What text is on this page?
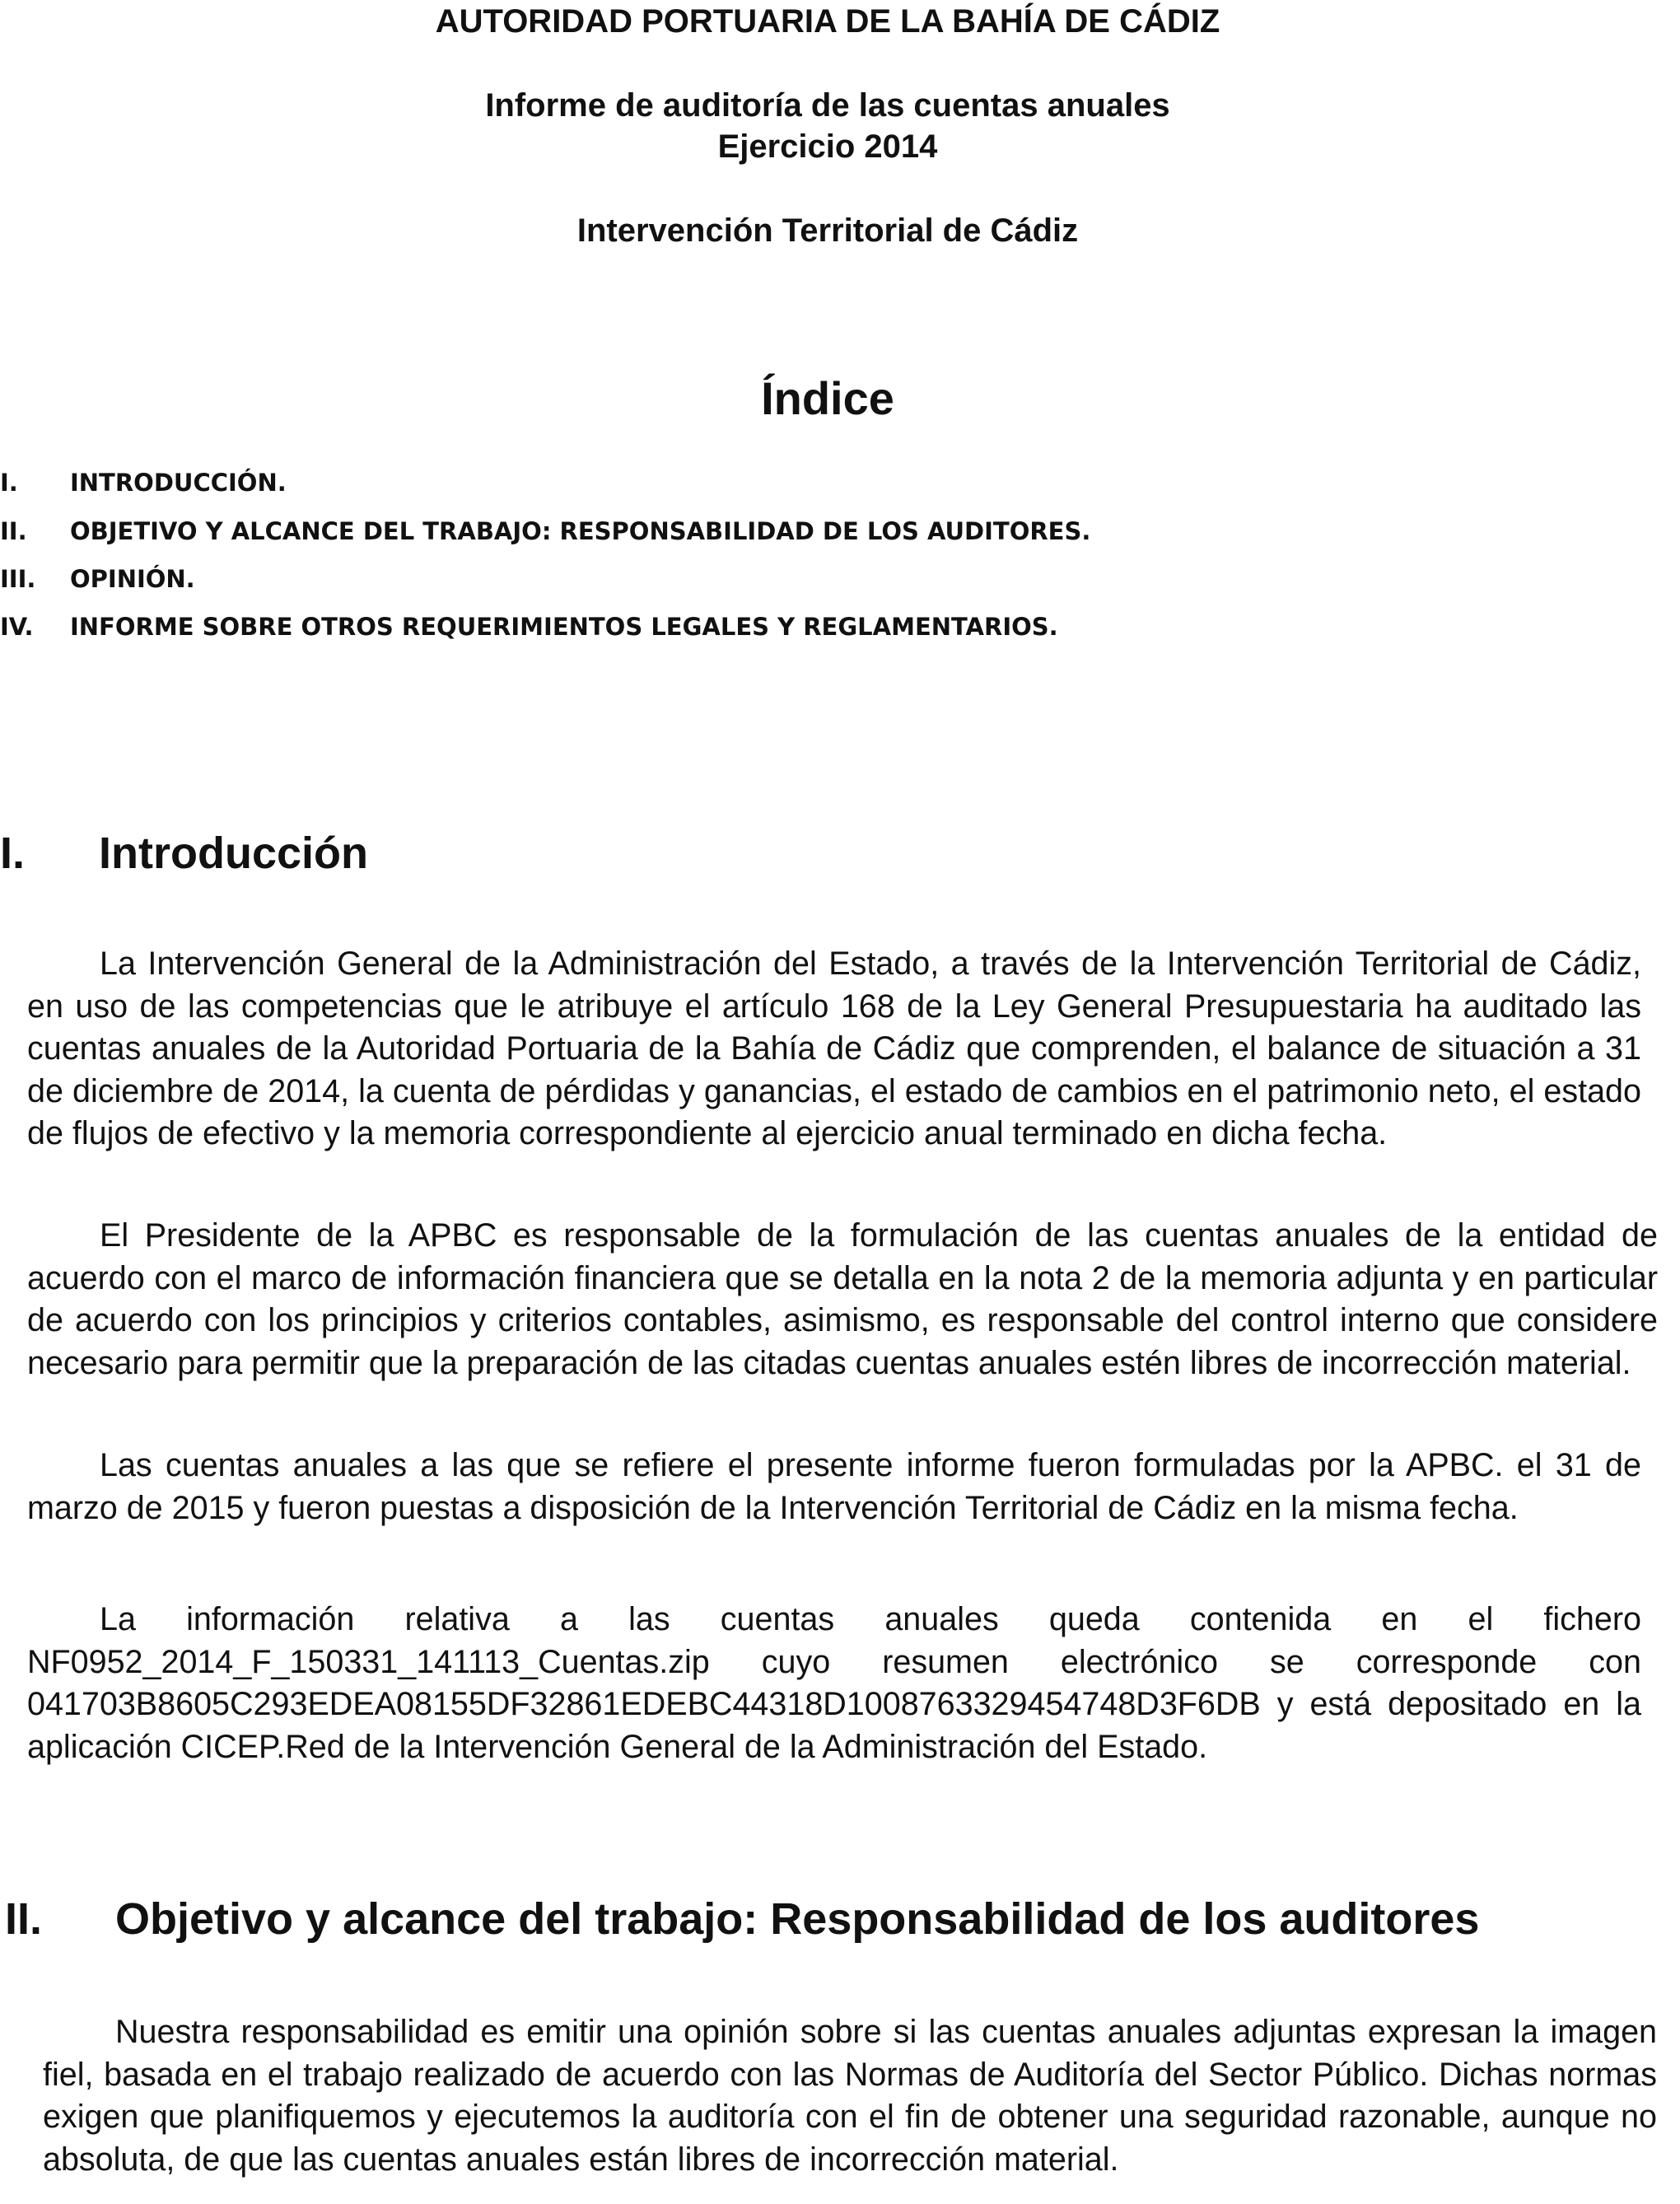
AUTORIDAD PORTUARIA DE LA BAHÍA DE CÁDIZ
Informe de auditoría de las cuentas anuales
Ejercicio 2014
Intervención Territorial de Cádiz
Índice
I. INTRODUCCIÓN.
II. OBJETIVO Y ALCANCE DEL TRABAJO: RESPONSABILIDAD DE LOS AUDITORES.
III. OPINIÓN.
IV. INFORME SOBRE OTROS REQUERIMIENTOS LEGALES Y REGLAMENTARIOS.
I. Introducción

La Intervención General de la Administración del Estado, a través de la Intervención Territorial de Cádiz, en uso de las competencias que le atribuye el artículo 168 de la Ley General Presupuestaria ha auditado las cuentas anuales de la Autoridad Portuaria de la Bahía de Cádiz que comprenden, el balance de situación a 31 de diciembre de 2014, la cuenta de pérdidas y ganancias, el estado de cambios en el patrimonio neto, el estado de flujos de efectivo y la memoria correspondiente al ejercicio anual terminado en dicha fecha.

El Presidente de la APBC es responsable de la formulación de las cuentas anuales de la entidad de acuerdo con el marco de información financiera que se detalla en la nota 2 de la memoria adjunta y en particular de acuerdo con los principios y criterios contables, asimismo, es responsable del control interno que considere necesario para permitir que la preparación de las citadas cuentas anuales estén libres de incorrección material.

Las cuentas anuales a las que se refiere el presente informe fueron formuladas por la APBC. el 31 de marzo de 2015 y fueron puestas a disposición de la Intervención Territorial de Cádiz en la misma fecha.

La información relativa a las cuentas anuales queda contenida en el fichero NF0952_2014_F_150331_141113_Cuentas.zip cuyo resumen electrónico se corresponde con 041703B8605C293EDEA08155DF32861EDEBC44318D1008763329454748D3F6DB y está depositado en la aplicación CICEP.Red de la Intervención General de la Administración del Estado.

II. Objetivo y alcance del trabajo: Responsabilidad de los auditores

Nuestra responsabilidad es emitir una opinión sobre si las cuentas anuales adjuntas expresan la imagen fiel, basada en el trabajo realizado de acuerdo con las Normas de Auditoría del Sector Público. Dichas normas exigen que planifiquemos y ejecutemos la auditoría con el fin de obtener una seguridad razonable, aunque no absoluta, de que las cuentas anuales están libres de incorrección material.
